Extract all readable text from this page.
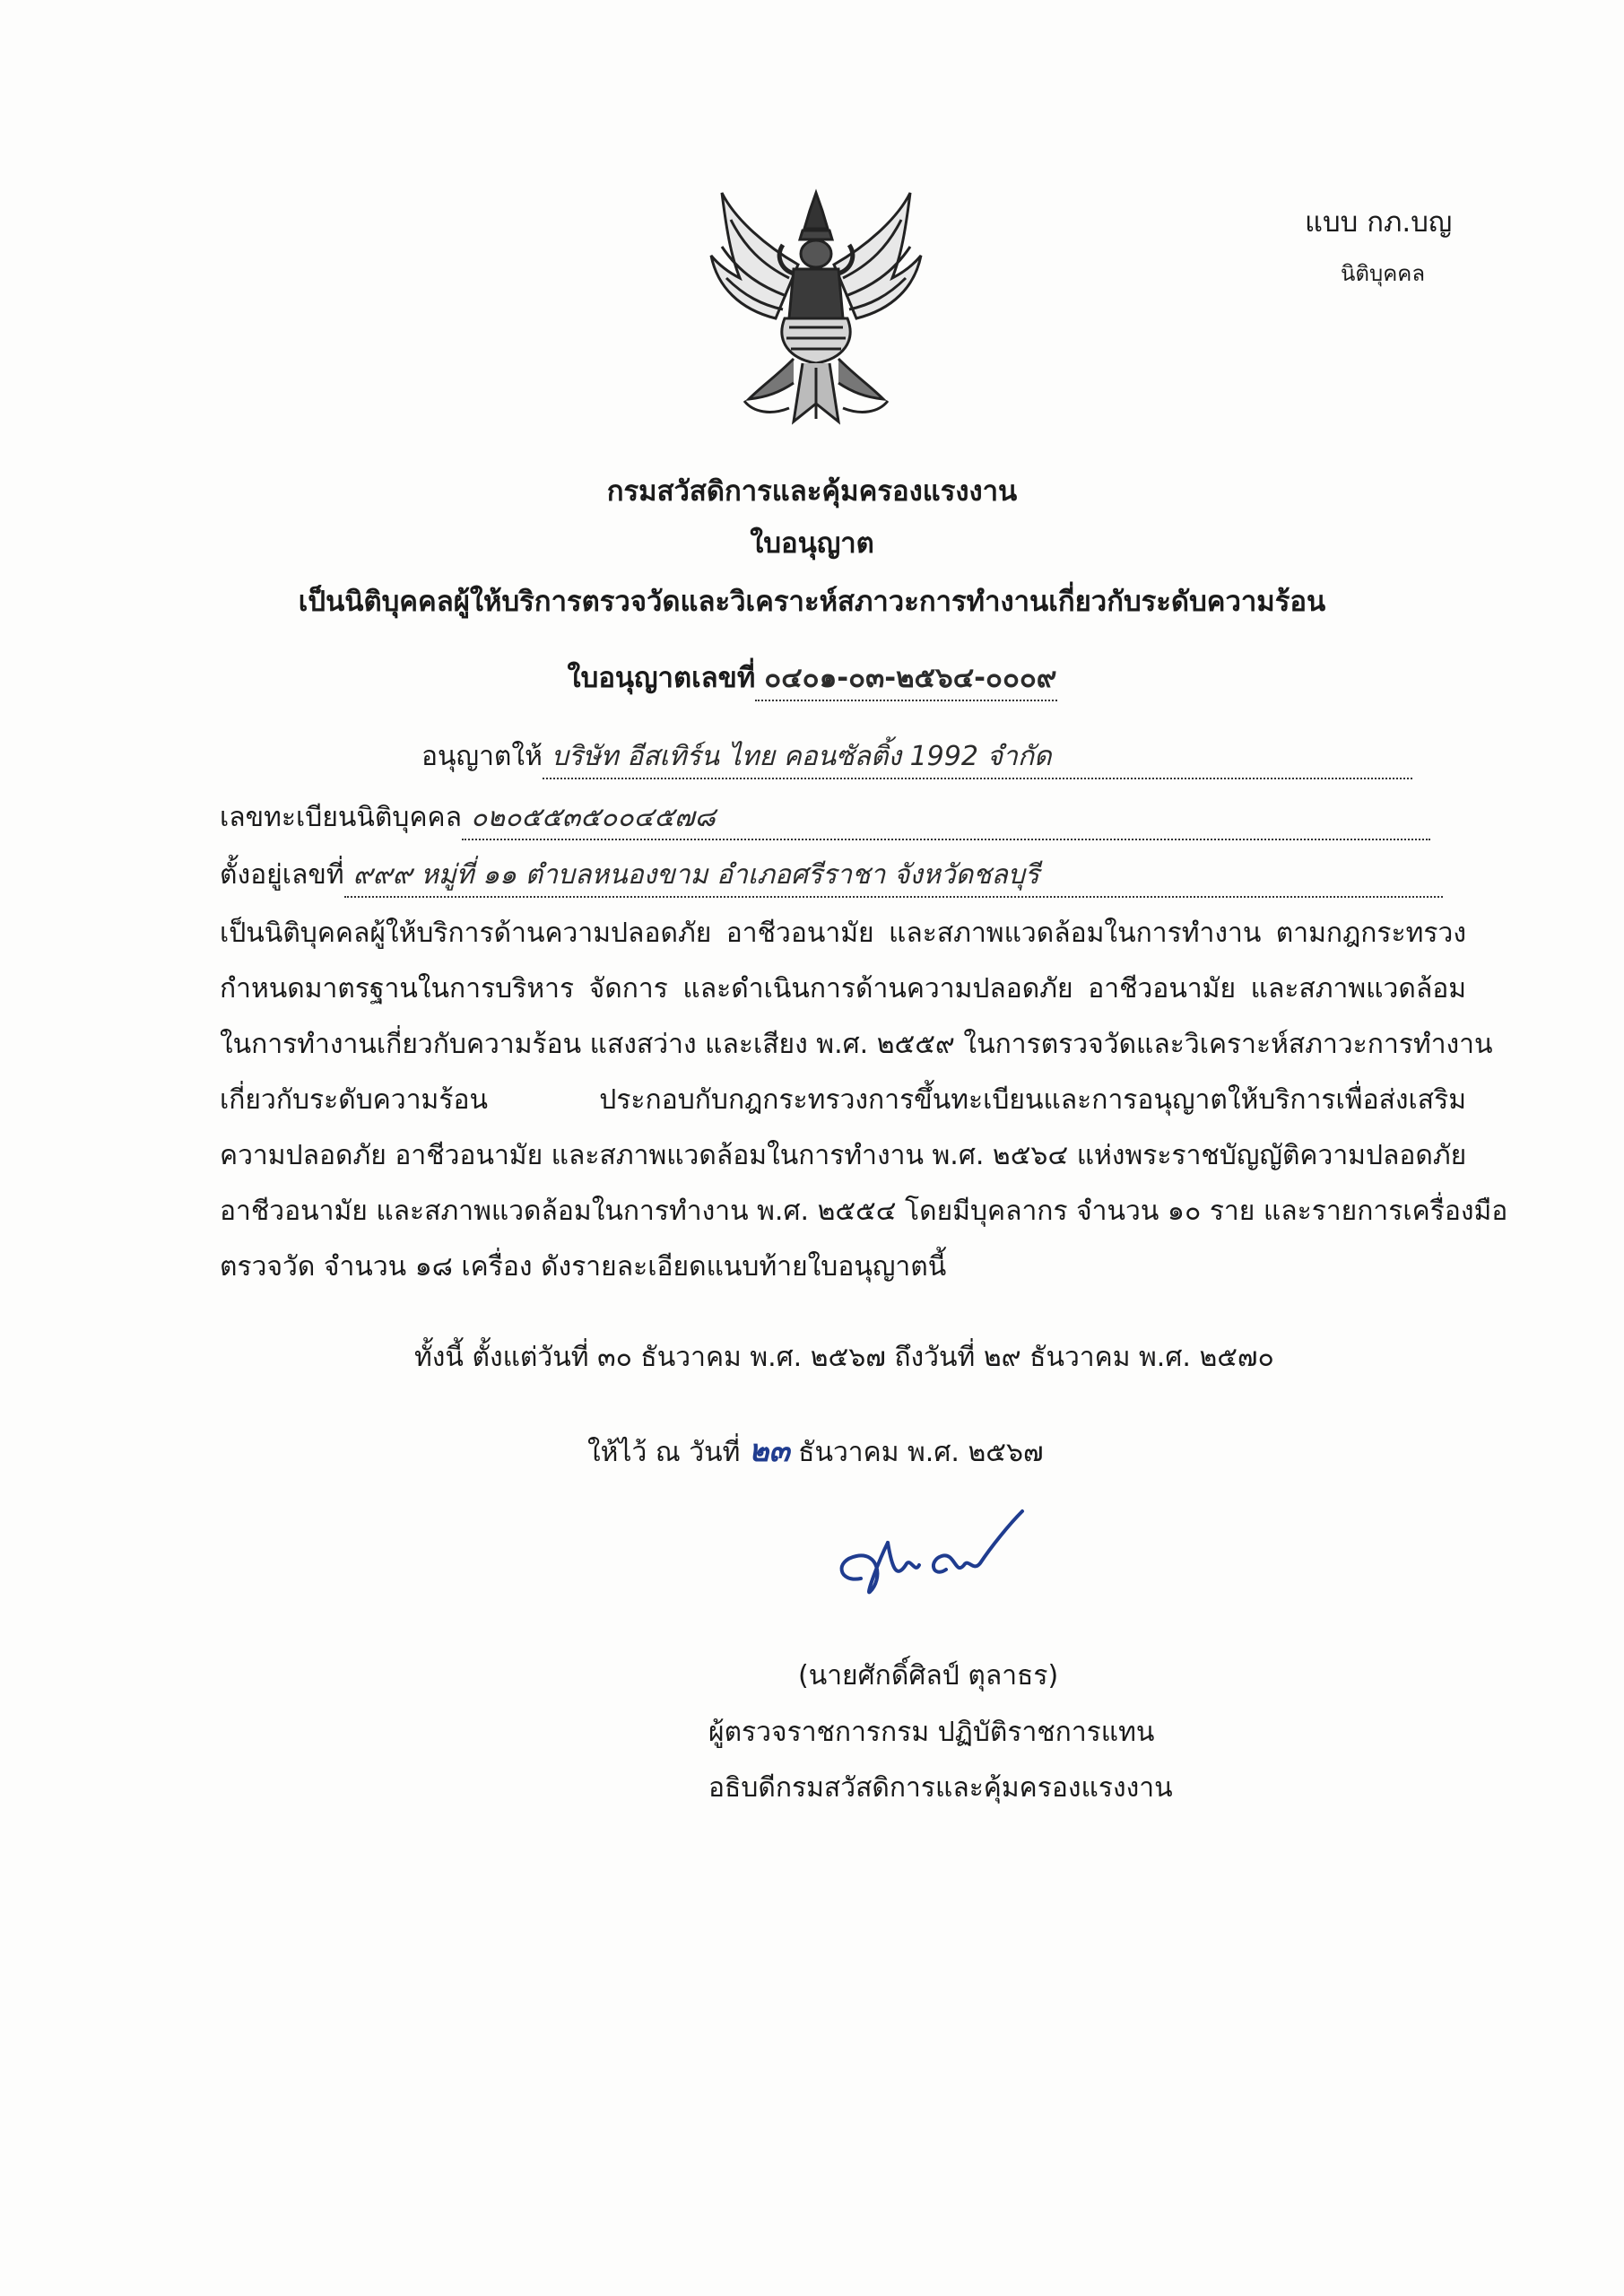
แบบ กภ.บญ
นิติบุคคล
กรมสวัสดิการและคุ้มครองแรงงาน
ใบอนุญาต
เป็นนิติบุคคลผู้ให้บริการตรวจวัดและวิเคราะห์สภาวะการทำงานเกี่ยวกับระดับความร้อน
ใบอนุญาตเลขที่ ๐๔๐๑-๐๓-๒๕๖๔-๐๐๐๙
อนุญาตให้ บริษัท อีสเทิร์น ไทย คอนซัลติ้ง 1992 จำกัด
เลขทะเบียนนิติบุคคล ๐๒๐๕๕๓๕๐๐๔๕๗๘
ตั้งอยู่เลขที่ ๙๙๙ หมู่ที่ ๑๑ ตำบลหนองขาม อำเภอศรีราชา จังหวัดชลบุรี
เป็นนิติบุคคลผู้ให้บริการด้านความปลอดภัย อาชีวอนามัย และสภาพแวดล้อมในการทำงาน ตามกฎกระทรวง
กำหนดมาตรฐานในการบริหาร จัดการ และดำเนินการด้านความปลอดภัย อาชีวอนามัย และสภาพแวดล้อม
ในการทำงานเกี่ยวกับความร้อน แสงสว่าง และเสียง พ.ศ. ๒๕๕๙ ในการตรวจวัดและวิเคราะห์สภาวะการทำงาน
เกี่ยวกับระดับความร้อน ประกอบกับกฎกระทรวงการขึ้นทะเบียนและการอนุญาตให้บริการเพื่อส่งเสริม
ความปลอดภัย อาชีวอนามัย และสภาพแวดล้อมในการทำงาน พ.ศ. ๒๕๖๔ แห่งพระราชบัญญัติความปลอดภัย
อาชีวอนามัย และสภาพแวดล้อมในการทำงาน พ.ศ. ๒๕๕๔ โดยมีบุคลากร จำนวน ๑๐ ราย และรายการเครื่องมือ
ตรวจวัด จำนวน ๑๘ เครื่อง ดังรายละเอียดแนบท้ายใบอนุญาตนี้
ทั้งนี้ ตั้งแต่วันที่ ๓๐ ธันวาคม พ.ศ. ๒๕๖๗ ถึงวันที่ ๒๙ ธันวาคม พ.ศ. ๒๕๗๐
ให้ไว้ ณ วันที่ ๒๓ ธันวาคม พ.ศ. ๒๕๖๗
(นายศักดิ์ศิลป์ ตุลาธร)
ผู้ตรวจราชการกรม ปฏิบัติราชการแทน
อธิบดีกรมสวัสดิการและคุ้มครองแรงงาน
